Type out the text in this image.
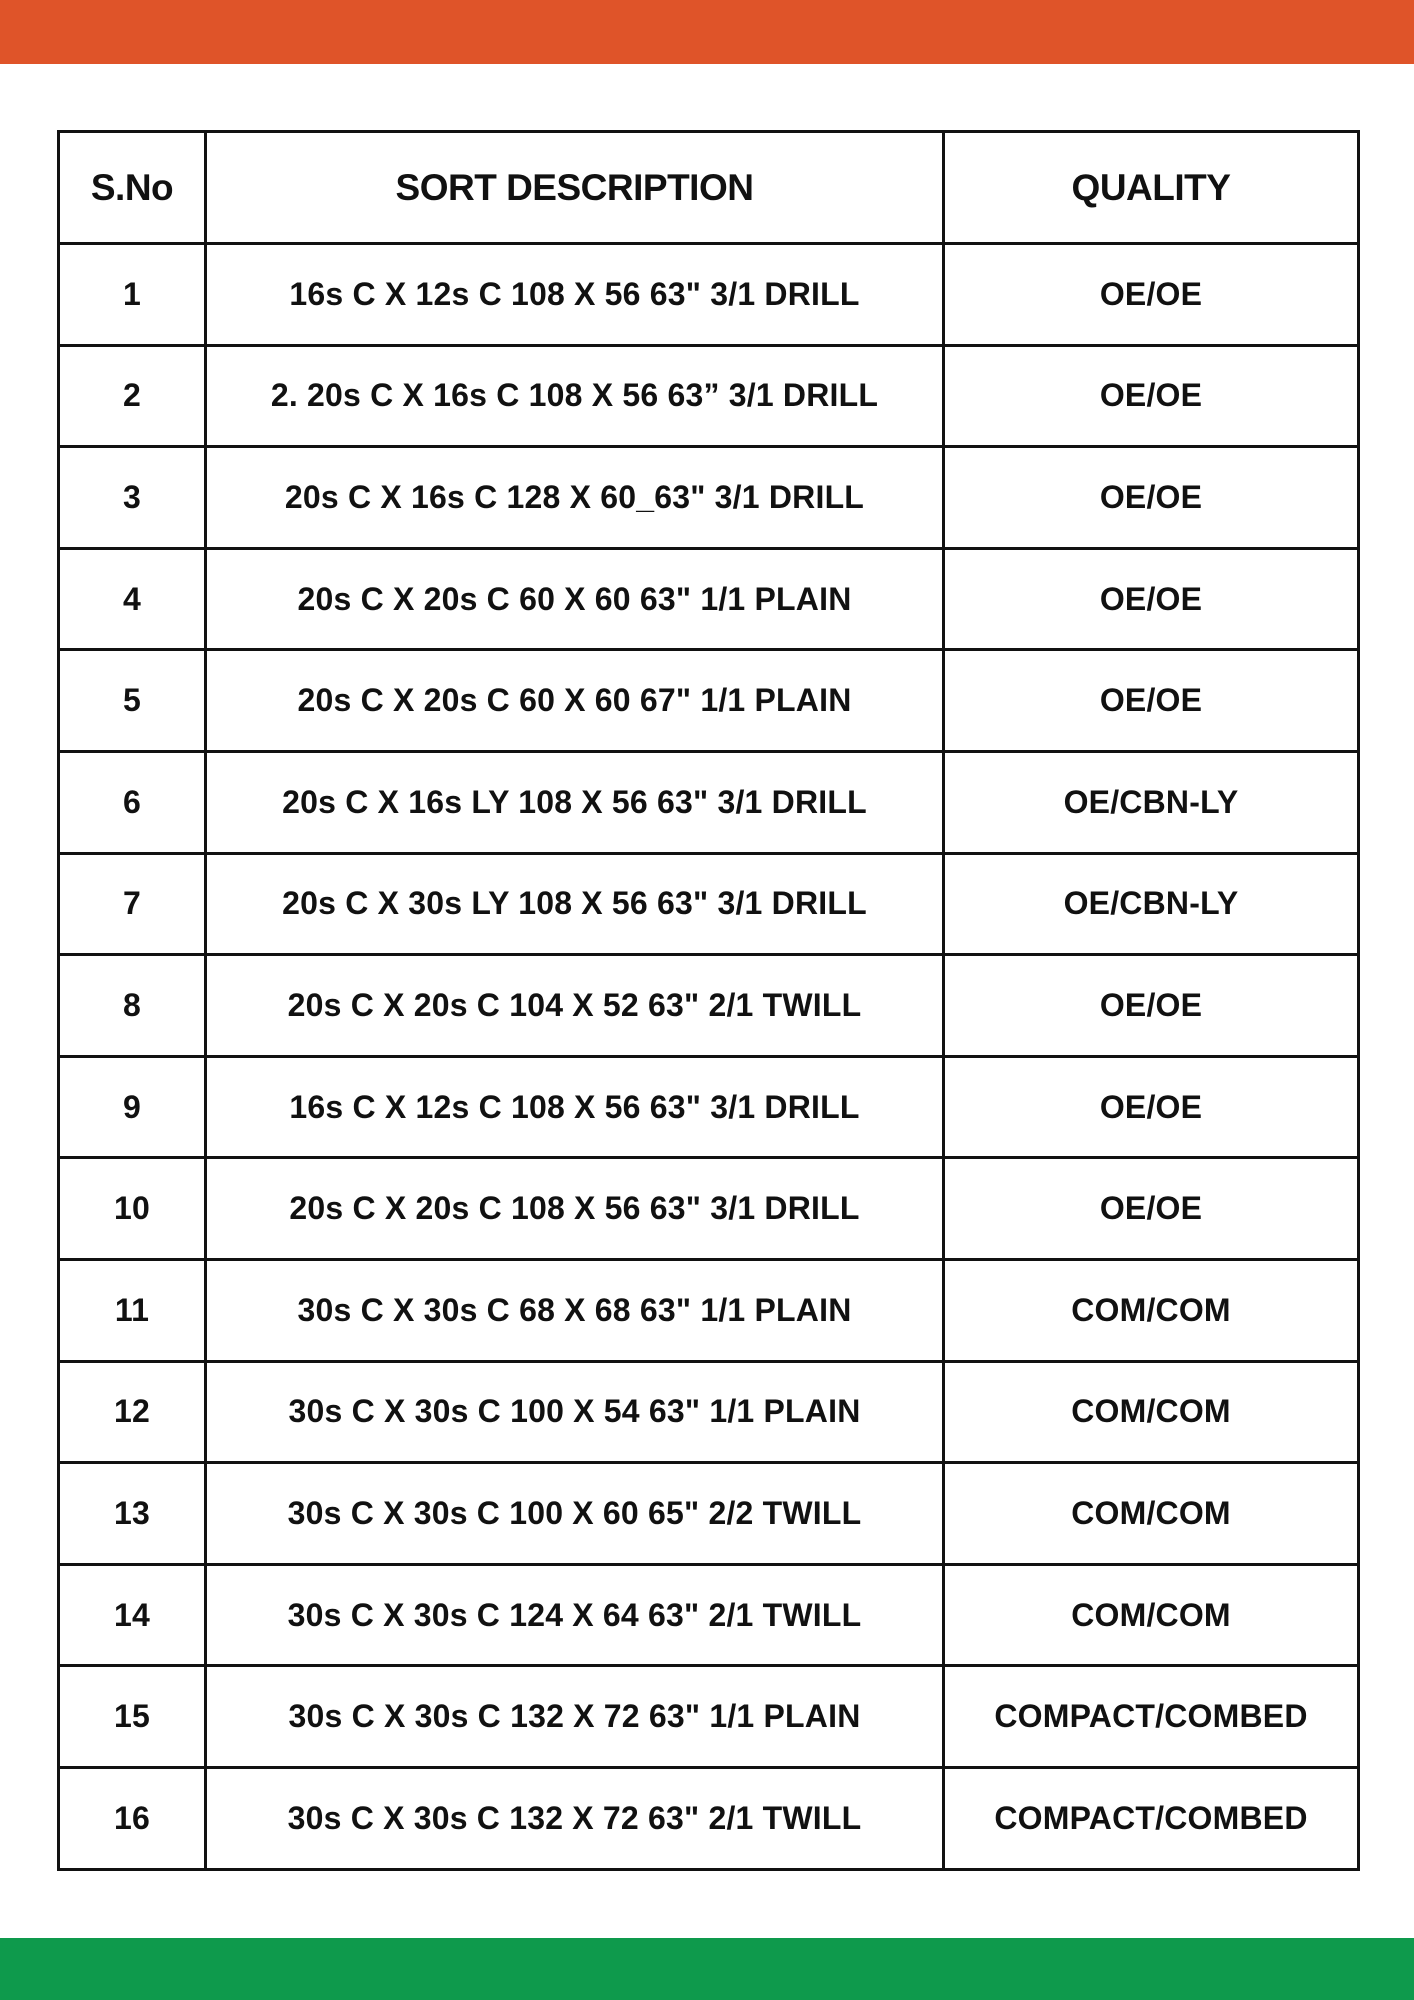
S.No	SORT DESCRIPTION	QUALITY
1	16s C X 12s C 108 X 56 63" 3/1 DRILL	OE/OE
2	2. 20s C X 16s C 108 X 56 63” 3/1 DRILL	OE/OE
3	20s C X 16s C 128 X 60_63" 3/1 DRILL	OE/OE
4	20s C X 20s C 60 X 60 63" 1/1 PLAIN	OE/OE
5	20s C X 20s C 60 X 60 67" 1/1 PLAIN	OE/OE
6	20s C X 16s LY 108 X 56 63" 3/1 DRILL	OE/CBN-LY
7	20s C X 30s LY 108 X 56 63" 3/1 DRILL	OE/CBN-LY
8	20s C X 20s C 104 X 52 63" 2/1 TWILL	OE/OE
9	16s C X 12s C 108 X 56 63" 3/1 DRILL	OE/OE
10	20s C X 20s C 108 X 56 63" 3/1 DRILL	OE/OE
11	30s C X 30s C 68 X 68 63" 1/1 PLAIN	COM/COM
12	30s C X 30s C 100 X 54 63" 1/1 PLAIN	COM/COM
13	30s C X 30s C 100 X 60 65" 2/2 TWILL	COM/COM
14	30s C X 30s C 124 X 64 63" 2/1 TWILL	COM/COM
15	30s C X 30s C 132 X 72 63" 1/1 PLAIN	COMPACT/COMBED
16	30s C X 30s C 132 X 72 63" 2/1 TWILL	COMPACT/COMBED
